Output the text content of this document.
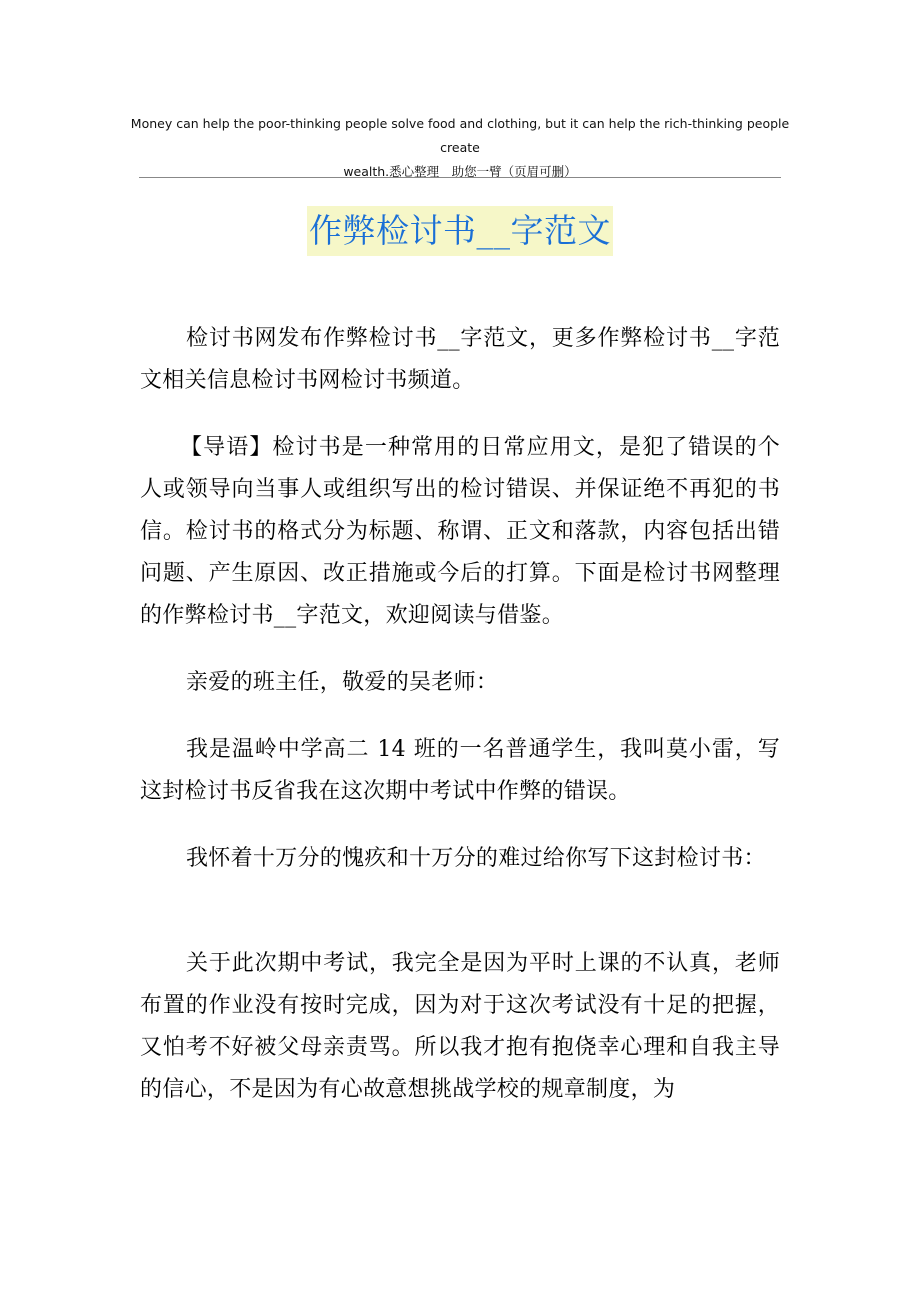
Money can help the poor-thinking people solve food and clothing, but it can help the rich-thinking people create
wealth.悉心整理　助您一臂（页眉可删）
作弊检讨书__字范文

检讨书网发布作弊检讨书__字范文，更多作弊检讨书__字范文相关信息检讨书网检讨书频道。

【导语】检讨书是一种常用的日常应用文，是犯了错误的个人或领导向当事人或组织写出的检讨错误、并保证绝不再犯的书信。检讨书的格式分为标题、称谓、正文和落款，内容包括出错问题、产生原因、改正措施或今后的打算。下面是检讨书网整理的作弊检讨书__字范文，欢迎阅读与借鉴。

亲爱的班主任，敬爱的吴老师：

我是温岭中学高二 14 班的一名普通学生，我叫莫小雷，写这封检讨书反省我在这次期中考试中作弊的错误。

我怀着十万分的愧疚和十万分的难过给你写下这封检讨书：

关于此次期中考试，我完全是因为平时上课的不认真，老师布置的作业没有按时完成，因为对于这次考试没有十足的把握，又怕考不好被父母亲责骂。所以我才抱有抱侥幸心理和自我主导的信心，不是因为有心故意想挑战学校的规章制度，为
